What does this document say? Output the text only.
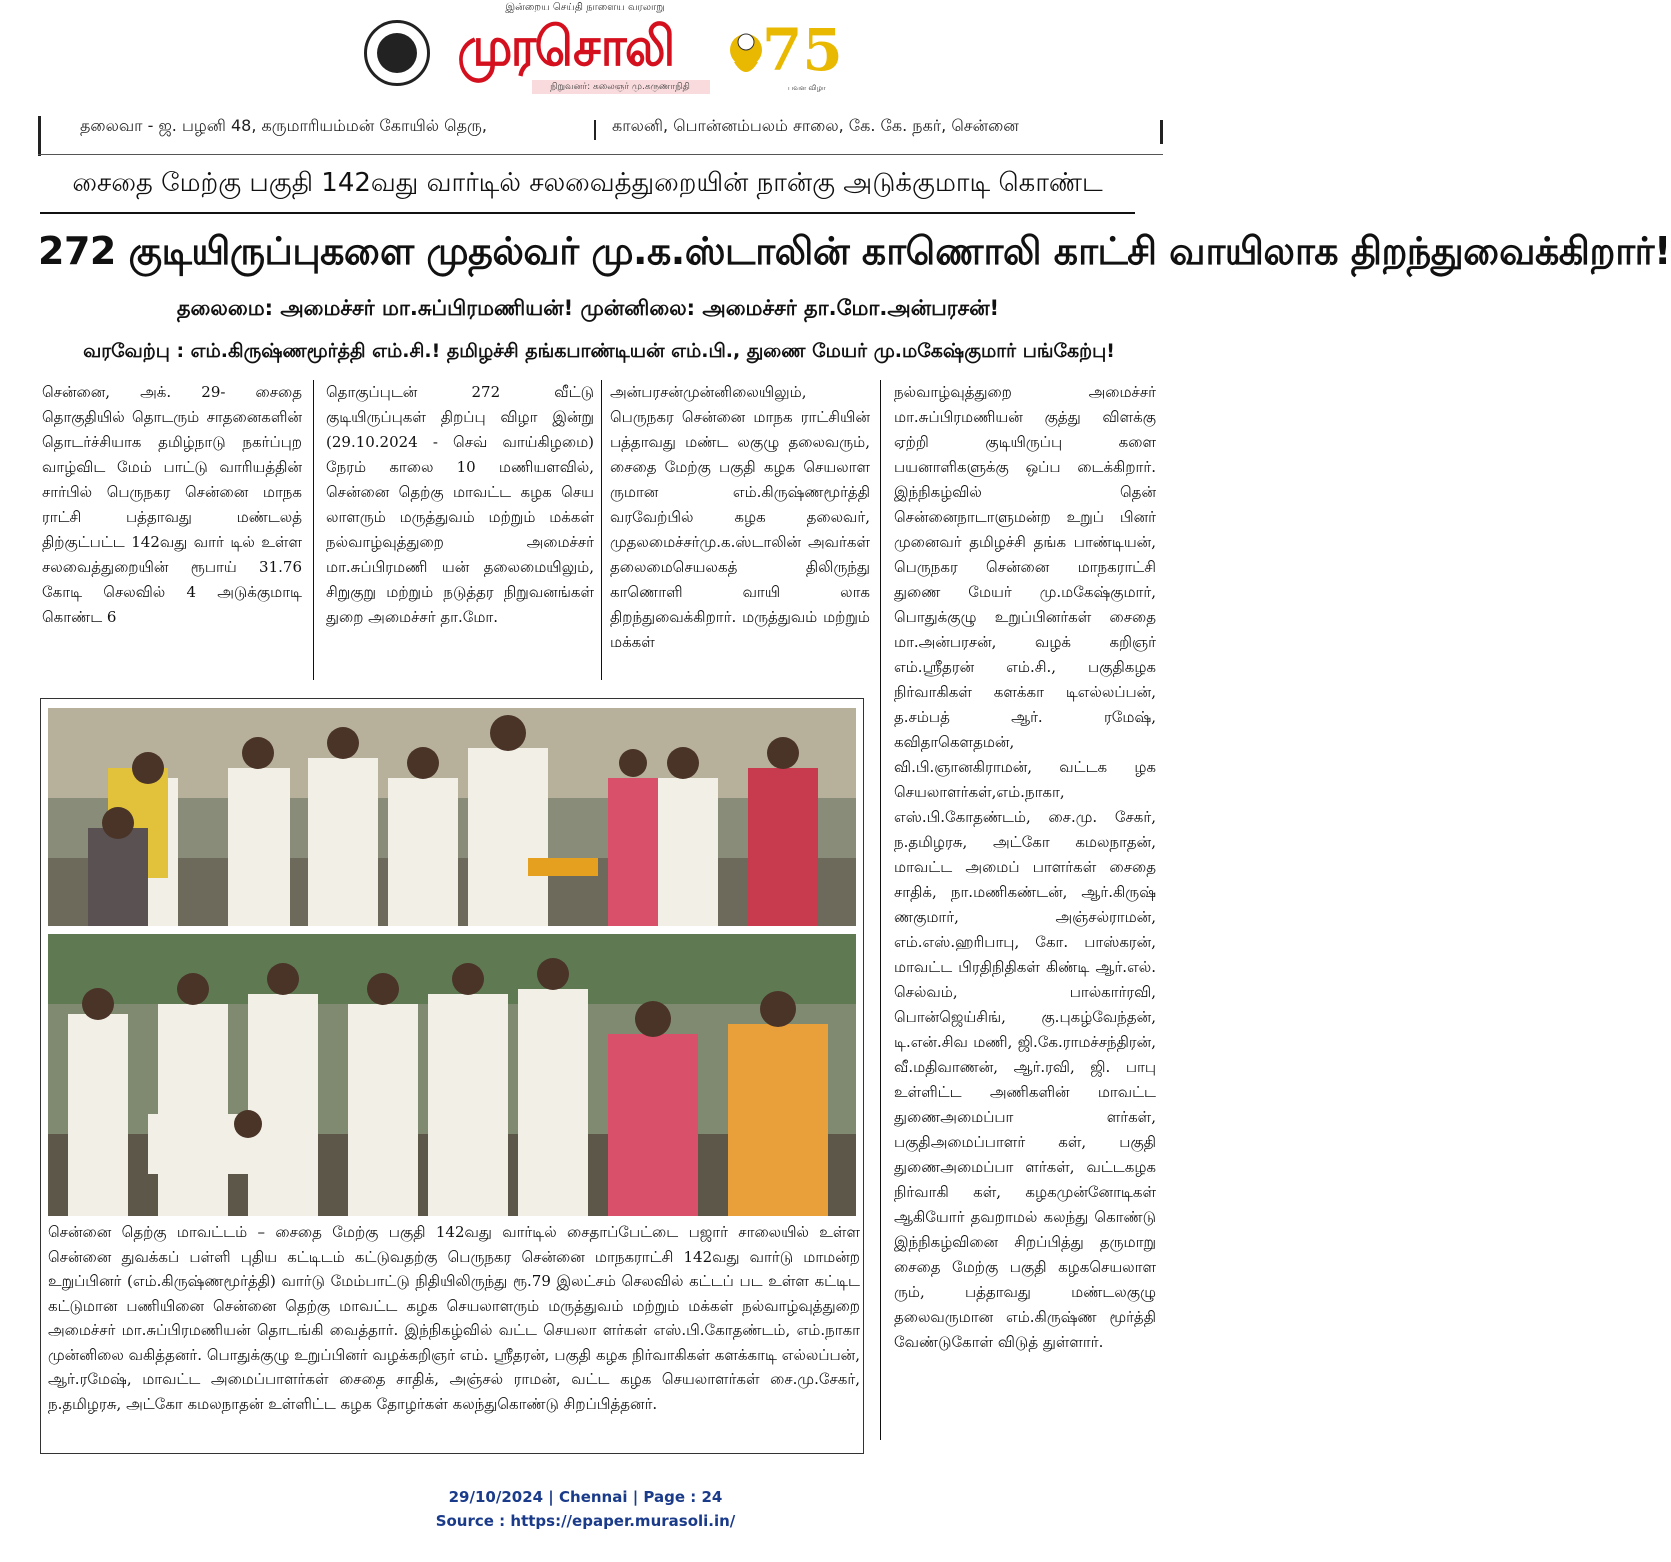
இன்றைய செய்தி நாளைய வரலாறு
முரசொலி
நிறுவனர்: கலைஞர் மு.கருணாநிதி
75
பவள விழா
தலைவா - ஜ. பழனி 48, கருமாரியம்மன் கோயில் தெரு,	காலனி, பொன்னம்பலம் சாலை, கே. கே. நகர், சென்னை
சைதை மேற்கு பகுதி 142வது வார்டில் சலவைத்துறையின் நான்கு அடுக்குமாடி கொண்ட
272 குடியிருப்புகளை முதல்வர் மு.க.ஸ்டாலின் காணொலி காட்சி வாயிலாக திறந்துவைக்கிறார்!
தலைமை: அமைச்சர் மா.சுப்பிரமணியன்! முன்னிலை: அமைச்சர் தா.மோ.அன்பரசன்!
வரவேற்பு : எம்.கிருஷ்ணமூர்த்தி எம்.சி.! தமிழச்சி தங்கபாண்டியன் எம்.பி., துணை மேயர் மு.மகேஷ்குமார் பங்கேற்பு!
சென்னை, அக். 29- சைதை தொகுதியில் தொடரும் சாதனைகளின் தொடர்ச்சியாக தமிழ்நாடு நகர்ப்புற வாழ்விட மேம் பாட்டு வாரியத்தின் சார்பில் பெருநகர சென்னை மாநக ராட்சி பத்தாவது மண்டலத் திற்குட்பட்ட 142வது வார் டில் உள்ள சலவைத்துறையின் ரூபாய் 31.76 கோடி செலவில் 4 அடுக்குமாடி கொண்ட 6
தொகுப்புடன் 272 வீட்டு குடியிருப்புகள் திறப்பு விழா இன்று (29.10.2024 - செவ் வாய்கிழமை) நேரம் காலை 10 மணியளவில், சென்னை தெற்கு மாவட்ட கழக செய லாளரும் மருத்துவம் மற்றும் மக்கள் நல்வாழ்வுத்துறை அமைச்சர் மா.சுப்பிரமணி யன் தலைமையிலும், சிறுகுறு மற்றும் நடுத்தர நிறுவனங்கள் துறை அமைச்சர் தா.மோ.
அன்பரசன்முன்னிலையிலும், பெருநகர சென்னை மாநக ராட்சியின் பத்தாவது மண்ட லகுழு தலைவரும், சைதை மேற்கு பகுதி கழக செயலாள ருமான எம்.கிருஷ்ணமூர்த்தி வரவேற்பில் கழக தலைவர், முதலமைச்சர்மு.க.ஸ்டாலின் அவர்கள் தலைமைசெயலகத் திலிருந்து காணொளி வாயி லாக திறந்துவைக்கிறார். மருத்துவம் மற்றும் மக்கள்
நல்வாழ்வுத்துறை அமைச்சர் மா.சுப்பிரமணியன் குத்து விளக்கு ஏற்றி குடியிருப்பு களை பயனாளிகளுக்கு ஒப்ப டைக்கிறார். இந்நிகழ்வில் தென் சென்னைநாடாளுமன்ற உறுப் பினர் முனைவர் தமிழச்சி தங்க பாண்டியன், பெருநகர சென்னை மாநகராட்சி துணை மேயர் மு.மகேஷ்குமார், பொதுக்குழு உறுப்பினர்கள் சைதை மா.அன்பரசன், வழக் கறிஞர் எம்.ஸ்ரீதரன் எம்.சி., பகுதிகழக நிர்வாகிகள் களக்கா டிஎல்லப்பன், த.சம்பத் ஆர். ரமேஷ், கவிதாகௌதமன், வி.பி.ஞானகிராமன், வட்டக ழக செயலாளர்கள்,எம்.நாகா, எஸ்.பி.கோதண்டம், சை.மு. சேகர், ந.தமிழரசு, அட்கோ கமலநாதன், மாவட்ட அமைப் பாளர்கள் சைதை சாதிக், நா.மணிகண்டன், ஆர்.கிருஷ் ணகுமார், அஞ்சல்ராமன், எம்.எஸ்.ஹரிபாபு, கோ. பாஸ்கரன், மாவட்ட பிரதிநிதிகள் கிண்டி ஆர்.எல். செல்வம், பால்கார்ரவி, பொன்ஜெய்சிங், கு.புகழ்வேந்தன், டி.என்.சிவ மணி, ஜி.கே.ராமச்சந்திரன், வீ.மதிவாணன், ஆர்.ரவி, ஜி. பாபு உள்ளிட்ட அணிகளின் மாவட்ட துணைஅமைப்பா ளர்கள், பகுதிஅமைப்பாளர் கள், பகுதி துணைஅமைப்பா ளர்கள், வட்டகழக நிர்வாகி கள், கழகமுன்னோடிகள் ஆகியோர் தவறாமல் கலந்து கொண்டு இந்நிகழ்வினை சிறப்பித்து தருமாறு சைதை மேற்கு பகுதி கழகசெயலாள ரும், பத்தாவது மண்டலகுழு தலைவருமான எம்.கிருஷ்ண மூர்த்தி வேண்டுகோள் விடுத் துள்ளார்.
சென்னை தெற்கு மாவட்டம் – சைதை மேற்கு பகுதி 142வது வார்டில் சைதாப்பேட்டை பஜார் சாலையில் உள்ள சென்னை துவக்கப் பள்ளி புதிய கட்டிடம் கட்டுவதற்கு பெருநகர சென்னை மாநகராட்சி 142வது வார்டு மாமன்ற உறுப்பினர் (எம்.கிருஷ்ணமூர்த்தி) வார்டு மேம்பாட்டு நிதியிலிருந்து ரூ.79 இலட்சம் செலவில் கட்டப் பட உள்ள கட்டிட கட்டுமான பணியினை சென்னை தெற்கு மாவட்ட கழக செயலாளரும் மருத்துவம் மற்றும் மக்கள் நல்வாழ்வுத்துறை அமைச்சர் மா.சுப்பிரமணியன் தொடங்கி வைத்தார். இந்நிகழ்வில் வட்ட செயலா ளர்கள் எஸ்.பி.கோதண்டம், எம்.நாகா முன்னிலை வகித்தனர். பொதுக்குழு உறுப்பினர் வழக்கறிஞர் எம். ஸ்ரீதரன், பகுதி கழக நிர்வாகிகள் களக்காடி எல்லப்பன், ஆர்.ரமேஷ், மாவட்ட அமைப்பாளர்கள் சைதை சாதிக், அஞ்சல் ராமன், வட்ட கழக செயலாளர்கள் சை.மு.சேகர், ந.தமிழரசு, அட்கோ கமலநாதன் உள்ளிட்ட கழக தோழர்கள் கலந்துகொண்டு சிறப்பித்தனர்.
29/10/2024 | Chennai | Page : 24
Source : https://epaper.murasoli.in/
